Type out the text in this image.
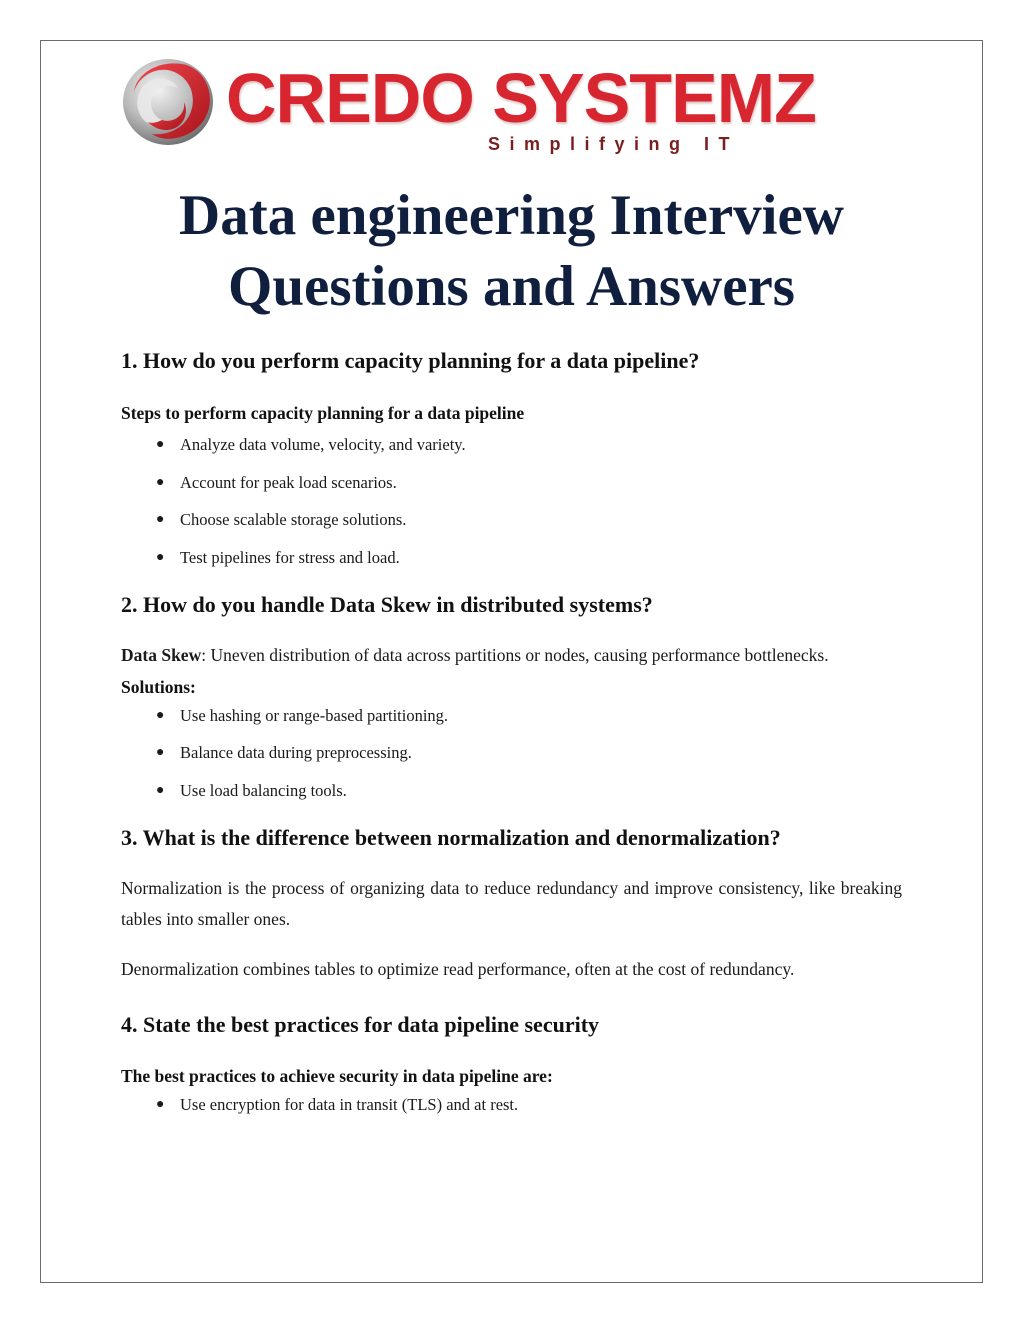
CREDO SYSTEMZ
Simplifying IT
Data engineering Interview
Questions and Answers
1. How do you perform capacity planning for a data pipeline?

Steps to perform capacity planning for a data pipeline

● Analyze data volume, velocity, and variety.
● Account for peak load scenarios.
● Choose scalable storage solutions.
● Test pipelines for stress and load.
2. How do you handle Data Skew in distributed systems?

Data Skew: Uneven distribution of data across partitions or nodes, causing performance bottlenecks.

Solutions:

● Use hashing or range-based partitioning.
● Balance data during preprocessing.
● Use load balancing tools.
3. What is the difference between normalization and denormalization?

Normalization is the process of organizing data to reduce redundancy and improve consistency, like breaking tables into smaller ones.

Denormalization combines tables to optimize read performance, often at the cost of redundancy.

4. State the best practices for data pipeline security

The best practices to achieve security in data pipeline are:

● Use encryption for data in transit (TLS) and at rest.
